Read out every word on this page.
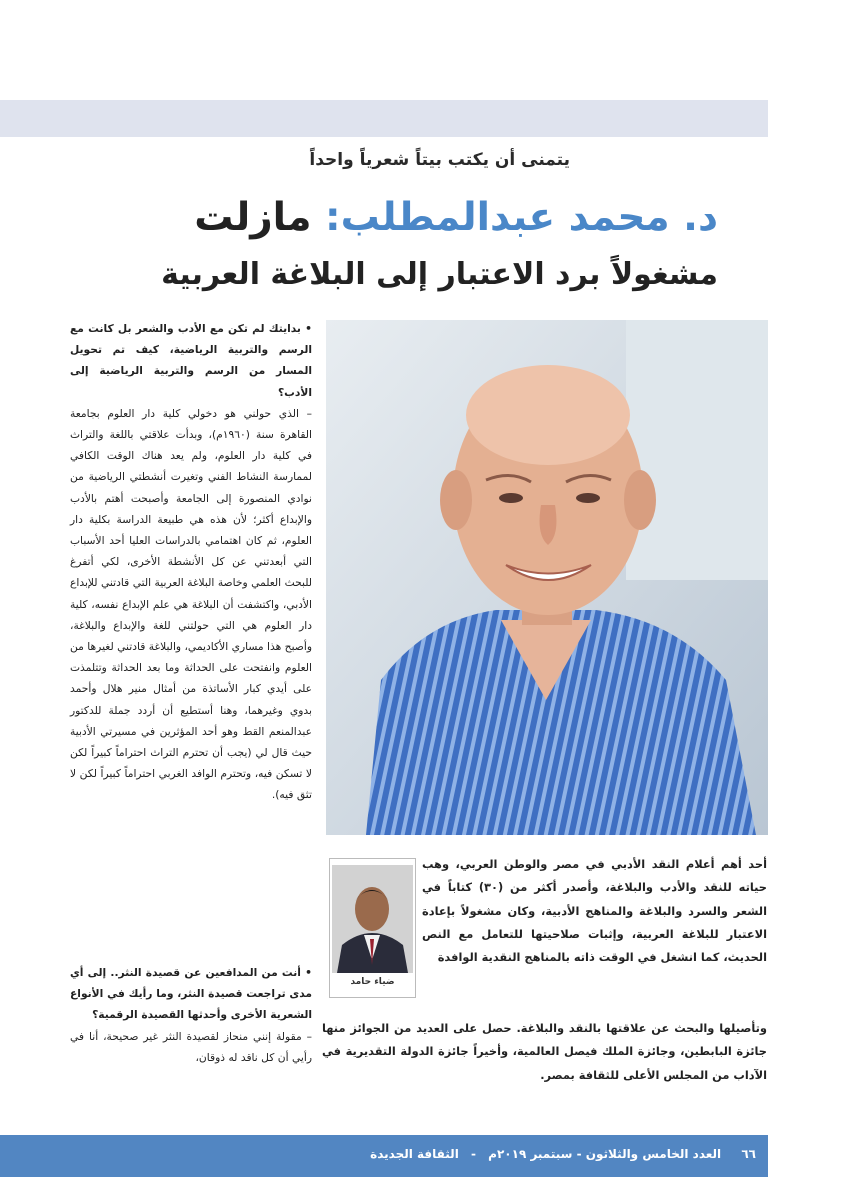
يتمنى أن يكتب بيتاً شعرياً واحداً
د. محمد عبدالمطلب: مازلت
مشغولاً برد الاعتبار إلى البلاغة العربية
• بدايتك لم تكن مع الأدب والشعر بل كانت مع الرسم والتربية الرياضية، كيف تم تحويل المسار من الرسم والتربية الرياضية إلى الأدب؟
– الذي حولني هو دخولي كلية دار العلوم بجامعة القاهرة سنة (١٩٦٠م)، وبدأت علاقتي باللغة والتراث في كلية دار العلوم، ولم يعد هناك الوقت الكافي لممارسة النشاط الفني وتغيرت أنشطتي الرياضية من نوادي المنصورة إلى الجامعة وأصبحت أهتم بالأدب والإبداع أكثر؛ لأن هذه هي طبيعة الدراسة بكلية دار العلوم، ثم كان اهتمامي بالدراسات العليا أحد الأسباب التي أبعدتني عن كل الأنشطة الأخرى، لكي أتفرغ للبحث العلمي وخاصة البلاغة العربية التي قادتني للإبداع الأدبي، واكتشفت أن البلاغة هي علم الإبداع نفسه، كلية دار العلوم هي التي حولتني للغة والإبداع والبلاغة، وأصبح هذا مساري الأكاديمي، والبلاغة قادتني لغيرها من العلوم وانفتحت على الحداثة وما بعد الحداثة وتتلمذت على أيدي كبار الأساتذة من أمثال منير هلال وأحمد بدوي وغيرهما، وهنا أستطيع أن أردد جملة للدكتور عبدالمنعم القط وهو أحد المؤثرين في مسيرتي الأدبية حيث قال لي (يجب أن تحترم التراث احتراماً كبيراً لكن لا تسكن فيه، وتحترم الوافد الغربي احتراماً كبيراً لكن لا تثق فيه).
• أنت من المدافعين عن قصيدة النثر.. إلى أي مدى تراجعت قصيدة النثر، وما رأيك في الأنواع الشعرية الأخرى وأحدثها القصيدة الرقمية؟
– مقولة إنني منحاز لقصيدة النثر غير صحيحة، أنا في رأيي أن كل ناقد له ذوقان،
ضياء حامد
أحد أهم أعلام النقد الأدبي في مصر والوطن العربي، وهب حياته للنقد والأدب والبلاغة، وأصدر أكثر من (٣٠) كتاباً في الشعر والسرد والبلاغة والمناهج الأدبية، وكان مشغولاً بإعادة الاعتبار للبلاغة العربية، وإثبات صلاحيتها للتعامل مع النص الحديث، كما انشغل في الوقت ذاته بالمناهج النقدية الوافدة
وتأصيلها والبحث عن علاقتها بالنقد والبلاغة. حصل على العديد من الجوائز منها جائزة البابطين، وجائزة الملك فيصل العالمية، وأخيراً جائزة الدولة التقديرية في الآداب من المجلس الأعلى للثقافة بمصر.
٦٦ العدد الخامس والثلاثون - سبتمبر ٢٠١٩م - الثقافة الجديدة
